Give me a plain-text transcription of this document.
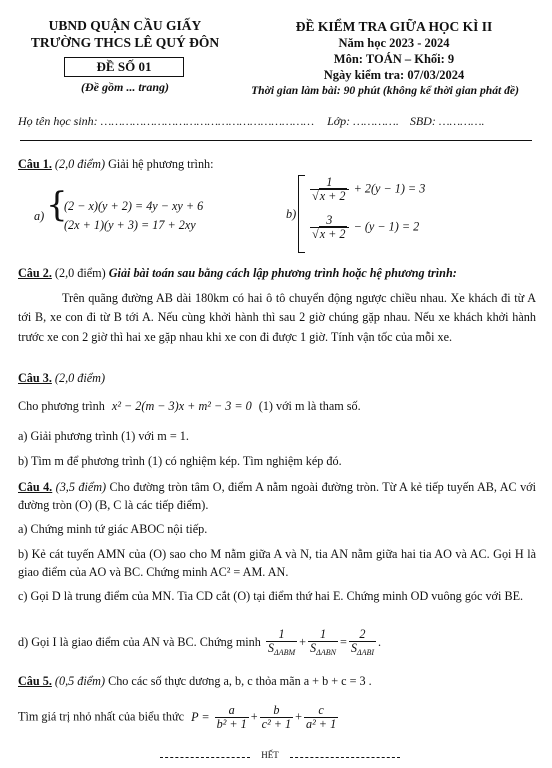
UBND QUẬN CẦU GIẤY
TRƯỜNG THCS LÊ QUÝ ĐÔN
ĐỀ SỐ 01
(Đề gồm ... trang)
ĐỀ KIỂM TRA GIỮA HỌC KÌ II
Năm học 2023 - 2024
Môn: TOÁN – Khối: 9
Ngày kiểm tra: 07/03/2024
Thời gian làm bài: 90 phút (không kể thời gian phát đề)
Họ tên học sinh: …………………………………………………… Lớp: …………. SBD: ………….
Câu 1. (2,0 điểm) Giải hệ phương trình:
a) {
(2 − x)(y + 2) = 4y − xy + 6
(2x + 1)(y + 3) = 17 + 2xy
b)
$\frac{1}{√x + 2} + 2(y - 1) = 3$
$\frac{3}{√x + 2} - (y - 1) = 2$
Câu 2. (2,0 điểm) Giải bài toán sau bằng cách lập phương trình hoặc hệ phương trình:
Trên quãng đường AB dài 180km có hai ô tô chuyển động ngược chiều nhau. Xe khách đi từ A tới B, xe con đi từ B tới A. Nếu cùng khởi hành thì sau 2 giờ chúng gặp nhau. Nếu xe khách khởi hành trước xe con 2 giờ thì hai xe gặp nhau khi xe con đi được 1 giờ. Tính vận tốc của mỗi xe.
Câu 3. (2,0 điểm)
Cho phương trình x² − 2(m − 3)x + m² − 3 = 0 (1) với m là tham số.
a) Giải phương trình (1) với m = 1.
b) Tìm m để phương trình (1) có nghiệm kép. Tìm nghiệm kép đó.
Câu 4. (3,5 điểm) Cho đường tròn tâm O, điểm A nằm ngoài đường tròn. Từ A kẻ tiếp tuyến AB, AC với đường tròn (O) (B, C là các tiếp điểm).
a) Chứng minh tứ giác ABOC nội tiếp.
b) Kẻ cát tuyến AMN của (O) sao cho M nằm giữa A và N, tia AN nằm giữa hai tia AO và AC. Gọi H là giao điểm của AO và BC. Chứng minh AC² = AM. AN.
c) Gọi D là trung điểm của MN. Tia CD cắt (O) tại điểm thứ hai E. Chứng minh OD vuông góc với BE.
d) Gọi I là giao điểm của AN và BC. Chứng minh $\frac{1}{S_{\Delta ABM}} + \frac{1}{S_{\Delta ABN}} = \frac{2}{S_{\Delta ABI}}$ .
Câu 5. (0,5 điểm) Cho các số thực dương a, b, c thỏa mãn a + b + c = 3 .
Tìm giá trị nhỏ nhất của biểu thức $P = \frac{a}{\text{b² + 1}} + \frac{b}{\text{c² + 1}} + \frac{c}{\text{a² + 1}}$
HẾT
